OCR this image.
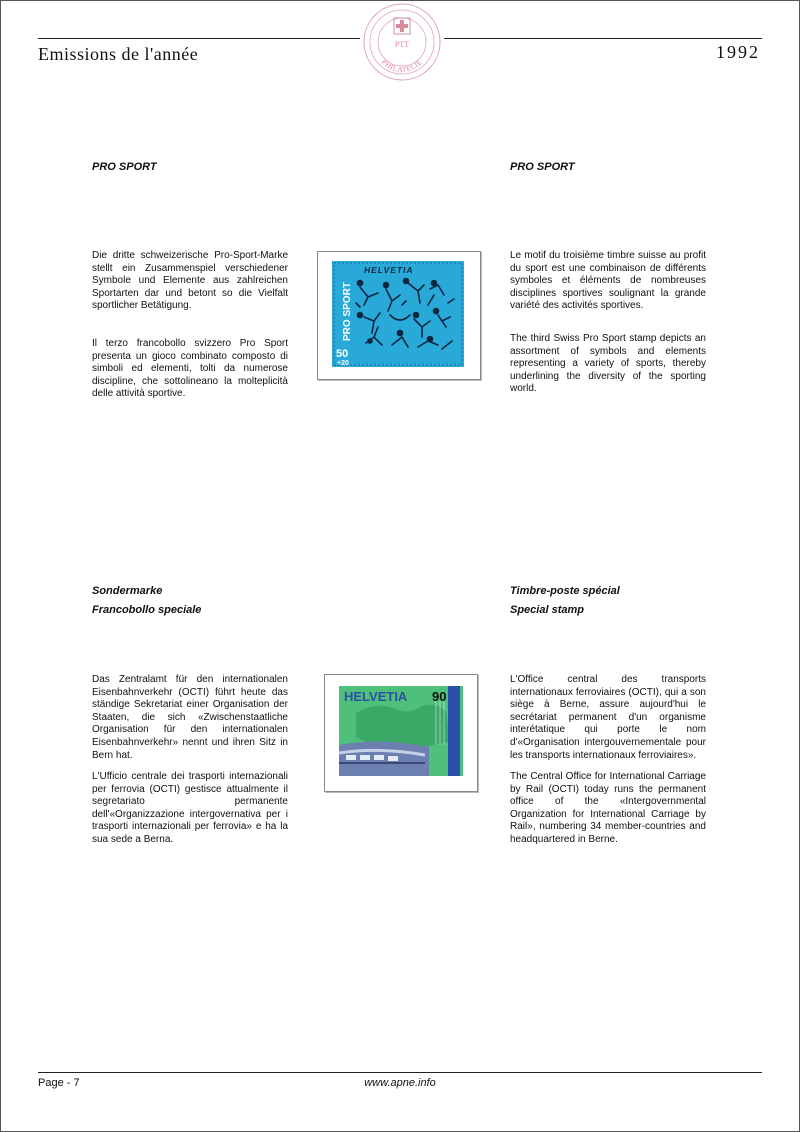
Emissions de l'année	1992
PTT
PHILATELIE
PRO SPORT	PRO SPORT

Die dritte schweizerische Pro-Sport-Marke stellt ein Zusammenspiel verschiedener Symbole und Elemente aus zahlreichen Sportarten dar und betont so die Vielfalt sportlicher Betätigung.

Il terzo francobollo svizzero Pro Sport presenta un gioco combinato composto di simboli ed elementi, tolti da numerose discipline, che sottolineano la molteplicità delle attività sportive.

Le motif du troisième timbre suisse au profit du sport est une combinaison de différents symboles et éléments de nombreuses disciplines sportives soulignant la grande variété des activités sportives.

The third Swiss Pro Sport stamp depicts an assortment of symbols and elements representing a variety of sports, thereby underlining the diversity of the sporting world.

HELVETIA
PRO SPORT
50
+20
Sondermarke
Francobollo speciale
Timbre-poste spécial
Special stamp

Das Zentralamt für den internationalen Eisenbahnverkehr (OCTI) führt heute das ständige Sekretariat einer Organisation der Staaten, die sich «Zwischenstaatliche Organisation für den internationalen Eisenbahnverkehr» nennt und ihren Sitz in Bern hat.

L'Ufficio centrale dei trasporti internazionali per ferrovia (OCTI) gestisce attualmente il segretariato permanente dell'«Organizzazione intergovernativa per i trasporti internazionali per ferrovia» e ha la sua sede a Berna.

L'Office central des transports internationaux ferroviaires (OCTI), qui a son siège à Berne, assure aujourd'hui le secrétariat permanent d'un organisme interétatique qui porte le nom d'«Organisation intergouvernementale pour les transports internationaux ferroviaires».

The Central Office for International Carriage by Rail (OCTI) today runs the permanent office of the «Intergovernmental Organization for International Carriage by Rail», numbering 34 member-countries and headquartered in Berne.

HELVETIA 90
Page - 7	www.apne.info
